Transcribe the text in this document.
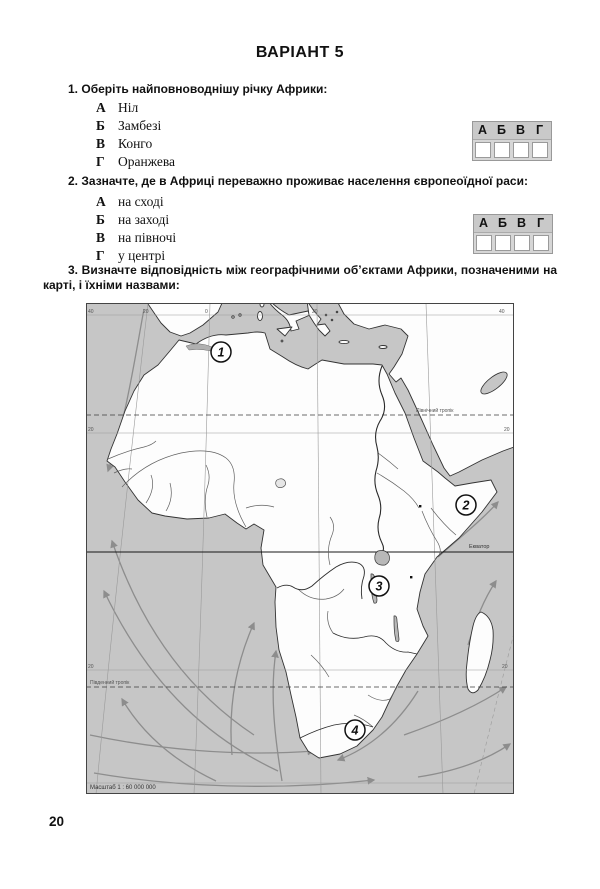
ВАРІАНТ 5
1. Оберіть найповноводнішу річку Африки:
А Ніл
Б Замбезі
В Конго
Г Оранжева
А Б В Г
2. Зазначте, де в Африці переважно проживає населення європеоїдної раси:
А на сході
Б на заході
В на півночі
Г у центрі
А Б В Г
3. Визначте відповідність між географічними об’єктами Африки, позначеними на
карті, і їхніми назвами:
Північний тропік
Південний тропік
Екватор
40	20	0	20	40
20
20
20
20
Масштаб 1 : 60 000 000
1
2
3
4
20
